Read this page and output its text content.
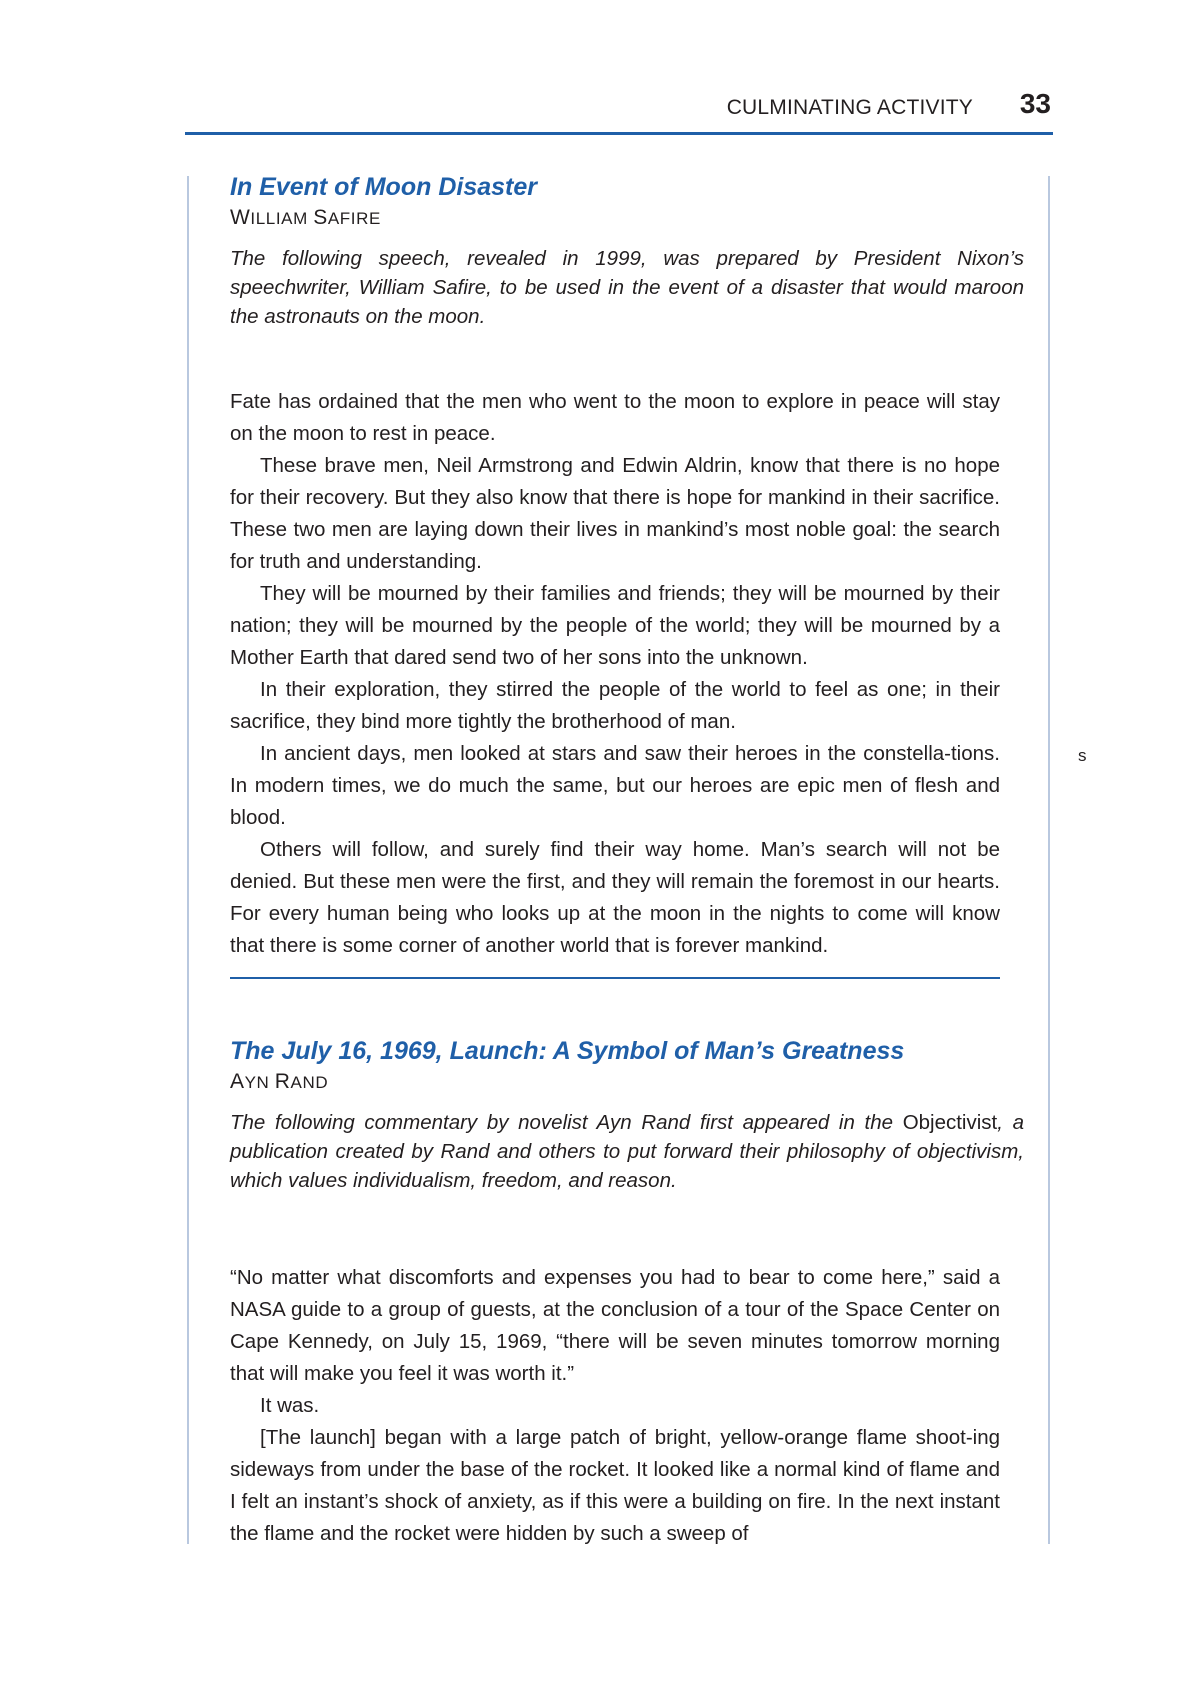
CULMINATING ACTIVITY 33
s
In Event of Moon Disaster
WILLIAM SAFIRE
The following speech, revealed in 1999, was prepared by President Nixon’s speechwriter, William Safire, to be used in the event of a disaster that would maroon the astronauts on the moon.

Fate has ordained that the men who went to the moon to explore in peace will stay on the moon to rest in peace.

These brave men, Neil Armstrong and Edwin Aldrin, know that there is no hope for their recovery. But they also know that there is hope for mankind in their sacrifice. These two men are laying down their lives in mankind’s most noble goal: the search for truth and understanding.

They will be mourned by their families and friends; they will be mourned by their nation; they will be mourned by the people of the world; they will be mourned by a Mother Earth that dared send two of her sons into the unknown.

In their exploration, they stirred the people of the world to feel as one; in their sacrifice, they bind more tightly the brotherhood of man.

In ancient days, men looked at stars and saw their heroes in the constella-tions. In modern times, we do much the same, but our heroes are epic men of flesh and blood.

Others will follow, and surely find their way home. Man’s search will not be denied. But these men were the first, and they will remain the foremost in our hearts. For every human being who looks up at the moon in the nights to come will know that there is some corner of another world that is forever mankind.

The July 16, 1969, Launch: A Symbol of Man’s Greatness
AYN RAND
The following commentary by novelist Ayn Rand first appeared in the Objectivist, a publication created by Rand and others to put forward their philosophy of objectivism, which values individualism, freedom, and reason.

“No matter what discomforts and expenses you had to bear to come here,” said a NASA guide to a group of guests, at the conclusion of a tour of the Space Center on Cape Kennedy, on July 15, 1969, “there will be seven minutes tomorrow morning that will make you feel it was worth it.”

It was.

[The launch] began with a large patch of bright, yellow-orange flame shoot-ing sideways from under the base of the rocket. It looked like a normal kind of flame and I felt an instant’s shock of anxiety, as if this were a building on fire. In the next instant the flame and the rocket were hidden by such a sweep of
